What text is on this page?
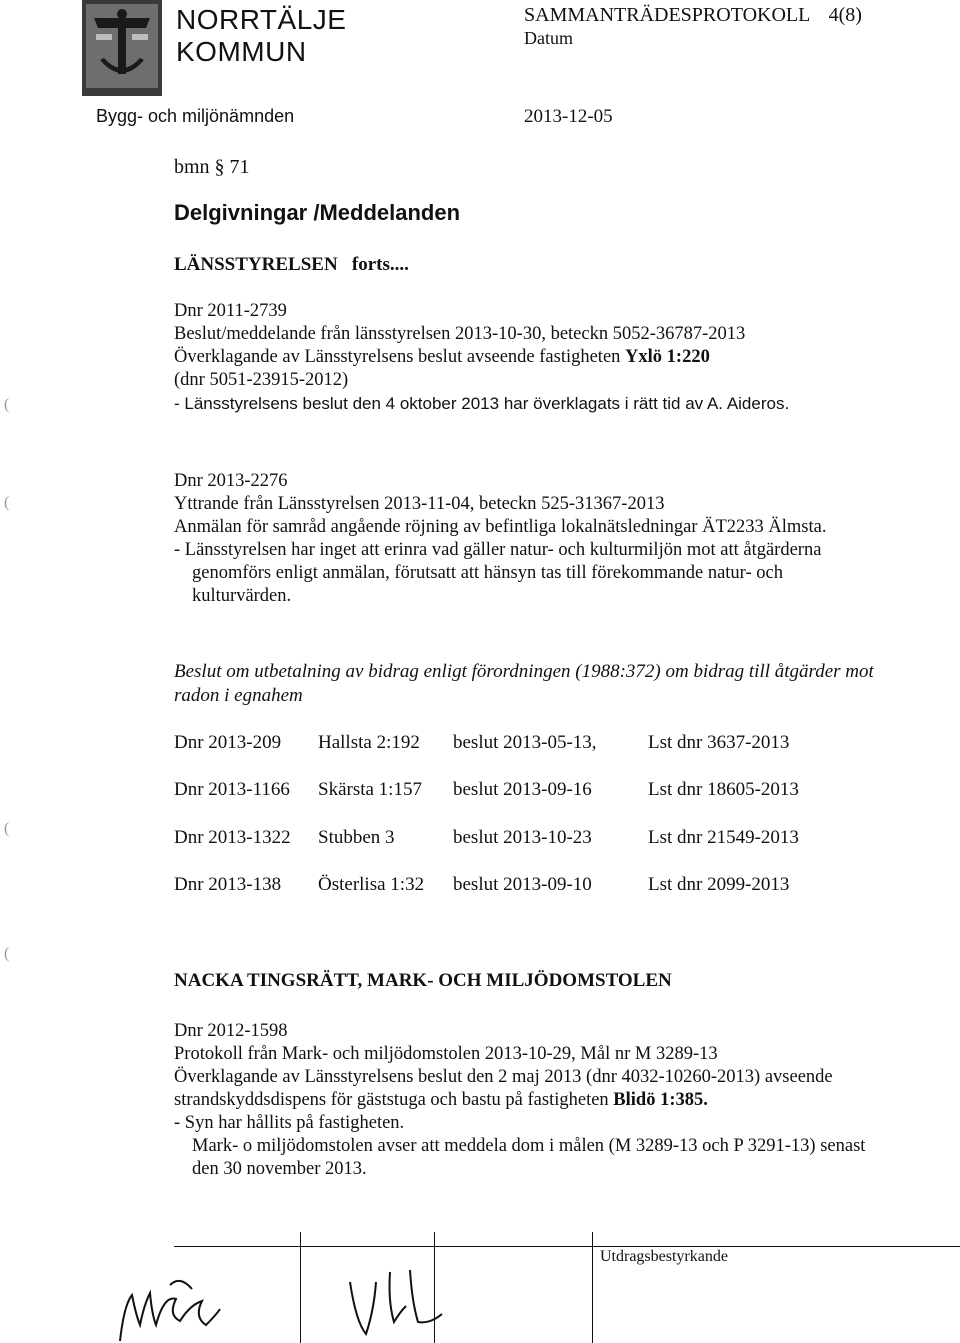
NORRTÄLJE
KOMMUN
SAMMANTRÄDESPROTOKOLL 4(8)
Datum
Bygg- och miljönämnden	2013-12-05
bmn § 71
Delgivningar /Meddelanden
LÄNSSTYRELSEN   forts....
Dnr 2011-2739
Beslut/meddelande från länsstyrelsen 2013-10-30, beteckn 5052-36787-2013
Överklagande av Länsstyrelsens beslut avseende fastigheten Yxlö 1:220
(dnr 5051-23915-2012)
- Länsstyrelsens beslut den 4 oktober 2013 har överklagats i rätt tid av A. Aideros.
Dnr 2013-2276
Yttrande från Länsstyrelsen 2013-11-04, beteckn 525-31367-2013
Anmälan för samråd angående röjning av befintliga lokalnätsledningar ÄT2233 Älmsta.
- Länsstyrelsen har inget att erinra vad gäller natur- och kulturmiljön mot att åtgärderna
genomförs enligt anmälan, förutsatt att hänsyn tas till förekommande natur- och
kulturvärden.
Beslut om utbetalning av bidrag enligt förordningen (1988:372) om bidrag till åtgärder mot
radon i egnahem
Dnr 2013-209 Hallsta 2:192 beslut 2013-05-13,	Lst dnr 3637-2013
Dnr 2013-1166 Skärsta 1:157 beslut 2013-09-16	Lst dnr 18605-2013
Dnr 2013-1322 Stubben 3	beslut 2013-10-23	Lst dnr 21549-2013
Dnr 2013-138 Österlisa 1:32 beslut 2013-09-10	Lst dnr 2099-2013
NACKA TINGSRÄTT, MARK- OCH MILJÖDOMSTOLEN
Dnr 2012-1598
Protokoll från Mark- och miljödomstolen 2013-10-29, Mål nr M 3289-13
Överklagande av Länsstyrelsens beslut den 2 maj 2013 (dnr 4032-10260-2013) avseende
strandskyddsdispens för gäststuga och bastu på fastigheten Blidö 1:385.
- Syn har hållits på fastigheten.
Mark- o miljödomstolen avser att meddela dom i målen (M 3289-13 och P 3291-13) senast
den 30 november 2013.
Utdragsbestyrkande
(
(
(
(
